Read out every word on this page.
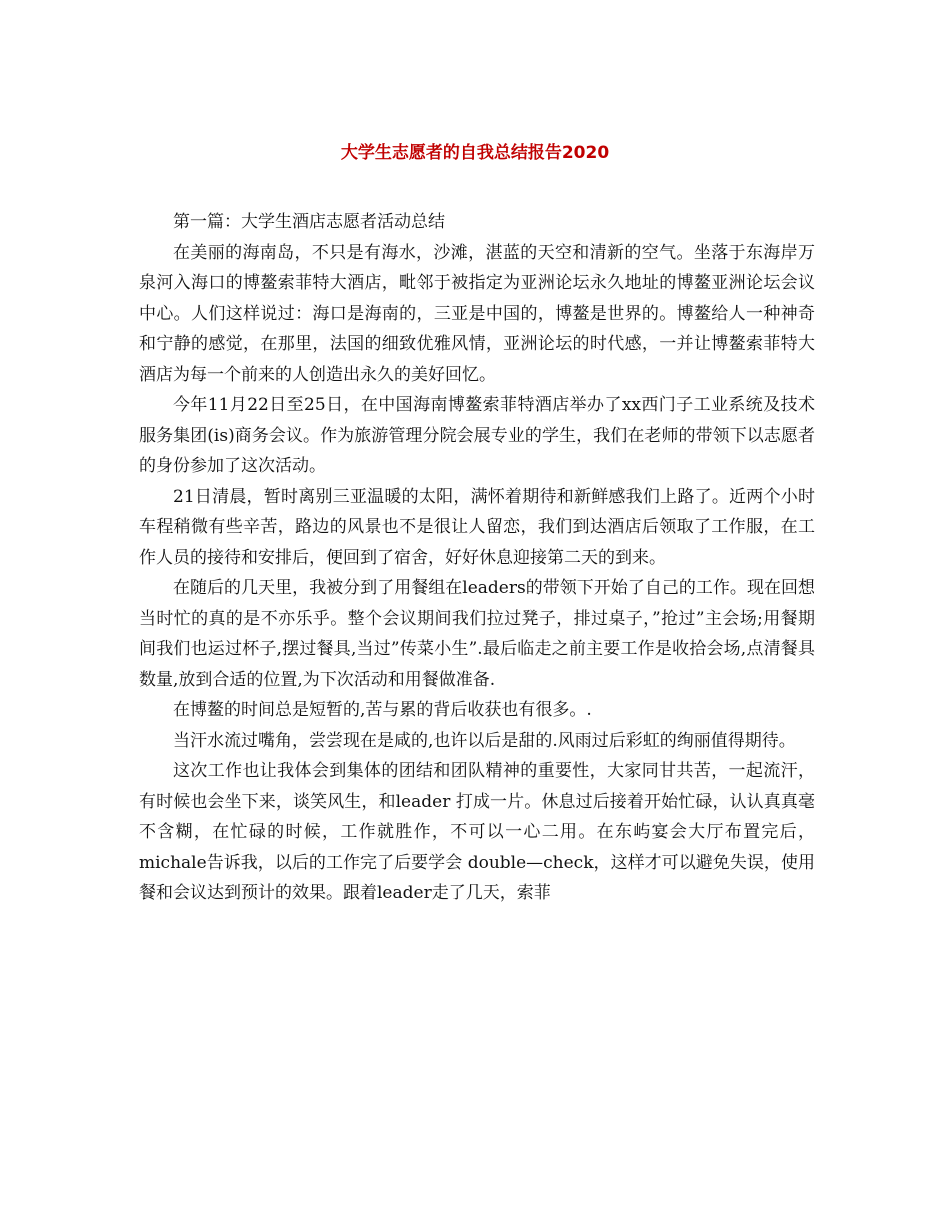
大学生志愿者的自我总结报告2020

第一篇：大学生酒店志愿者活动总结

在美丽的海南岛，不只是有海水，沙滩，湛蓝的天空和清新的空气。坐落于东海岸万泉河入海口的博鳌索菲特大酒店，毗邻于被指定为亚洲论坛永久地址的博鳌亚洲论坛会议中心。人们这样说过：海口是海南的，三亚是中国的，博鳌是世界的。博鳌给人一种神奇和宁静的感觉，在那里，法国的细致优雅风情，亚洲论坛的时代感，一并让博鳌索菲特大酒店为每一个前来的人创造出永久的美好回忆。

今年11月22日至25日，在中国海南博鳌索菲特酒店举办了xx西门子工业系统及技术服务集团(is)商务会议。作为旅游管理分院会展专业的学生，我们在老师的带领下以志愿者的身份参加了这次活动。

21日清晨，暂时离别三亚温暖的太阳，满怀着期待和新鲜感我们上路了。近两个小时车程稍微有些辛苦，路边的风景也不是很让人留恋，我们到达酒店后领取了工作服，在工作人员的接待和安排后，便回到了宿舍，好好休息迎接第二天的到来。

在随后的几天里，我被分到了用餐组在leaders的带领下开始了自己的工作。现在回想当时忙的真的是不亦乐乎。整个会议期间我们拉过凳子，排过桌子，”抢过”主会场;用餐期间我们也运过杯子,摆过餐具,当过”传菜小生”.最后临走之前主要工作是收拾会场,点清餐具数量,放到合适的位置,为下次活动和用餐做准备.

在博鳌的时间总是短暂的,苦与累的背后收获也有很多。.

当汗水流过嘴角，尝尝现在是咸的,也许以后是甜的.风雨过后彩虹的绚丽值得期待。

这次工作也让我体会到集体的团结和团队精神的重要性，大家同甘共苦，一起流汗，有时候也会坐下来，谈笑风生，和leader 打成一片。休息过后接着开始忙碌，认认真真毫不含糊，在忙碌的时候，工作就胜作，不可以一心二用。在东屿宴会大厅布置完后，michale告诉我，以后的工作完了后要学会 double—check，这样才可以避免失误，使用餐和会议达到预计的效果。跟着leader走了几天，索菲
